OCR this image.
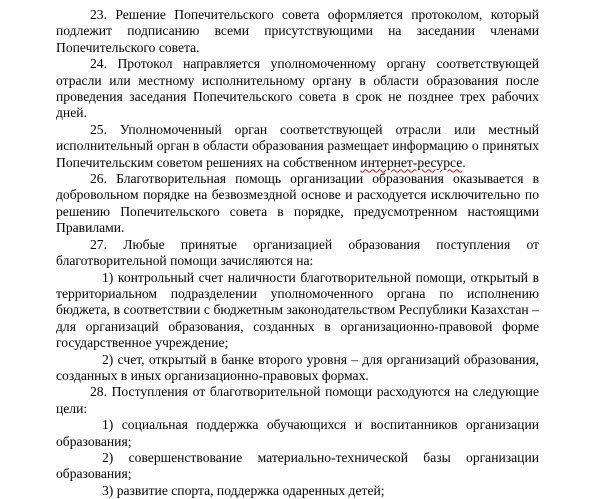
23. Решение Попечительского совета оформляется протоколом, который подлежит подписанию всеми присутствующими на заседании членами Попечительского совета.

24. Протокол направляется уполномоченному органу соответствующей отрасли или местному исполнительному органу в области образования после проведения заседания Попечительского совета в срок не позднее трех рабочих дней.

25. Уполномоченный орган соответствующей отрасли или местный исполнительный орган в области образования размещает информацию о принятых Попечительским советом решениях на собственном интернет-ресурсе.

26. Благотворительная помощь организации образования оказывается в добровольном порядке на безвозмездной основе и расходуется исключительно по решению Попечительского совета в порядке, предусмотренном настоящими Правилами.

27. Любые принятые организацией образования поступления от благотворительной помощи зачисляются на:

1) контрольный счет наличности благотворительной помощи, открытый в территориальном подразделении уполномоченного органа по исполнению бюджета, в соответствии с бюджетным законодательством Республики Казахстан – для организаций образования, созданных в организационно-правовой форме государственное учреждение;

2) счет, открытый в банке второго уровня – для организаций образования, созданных в иных организационно-правовых формах.

28. Поступления от благотворительной помощи расходуются на следующие цели:

1) социальная поддержка обучающихся и воспитанников организации образования;

2) совершенствование материально-технической базы организации образования;

3) развитие спорта, поддержка одаренных детей;
